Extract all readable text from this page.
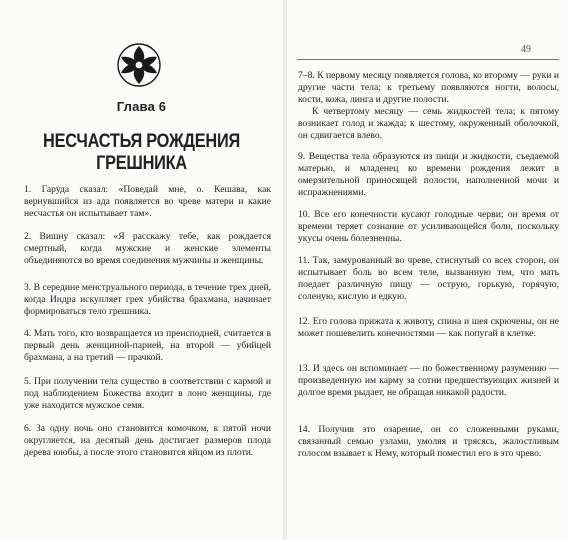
Глава 6
НЕСЧАСТЬЯ РОЖДЕНИЯ ГРЕШНИКА
49
1. Гаруда сказал: «Поведай мне, о. Кешава, как вернувшийся из ада появляется во чреве матери и какие несчастья он испытывает там».
2. Вишну сказал: «Я расскажу тебе, как рождается смертный, когда мужские и женские элементы объединяются во время соединения мужчины и женщины.
3. В середине менструального периода, в течение трех дней, когда Индра искупляет грех убийства брахмана, начинает формироваться тело грешника.
4. Мать того, кто возвращается из преисподней, считается в первый день женщиной-парией, на второй — убийцей брахмана, а на третий — прачкой.
5. При получении тела существо в соответствии с кармой и под наблюдением Божества входит в лоно женщины, где уже находится мужское семя.
6. За одну ночь оно становится комочком, к пятой ночи округляется, на десятый день достигает размеров плода дерева ююбы, а после этого становится яйцом из плоти.
7–8. К первому месяцу появляется голова, ко второму — руки и другие части тела; к третьему появляются ногти, волосы, кости, кожа, линга и другие полости.
К четвертому месяцу — семь жидкостей тела; к пятому возникает голод и жажда; к шестому, окруженный оболочкой, он сдвигается влево.
9. Вещества тела образуются из пищи и жидкости, съедаемой матерью, и младенец ко времени рождения лежит в омерзительной приносящей полости, наполненной мочи и испражнениями.
10. Все его конечности кусают голодные черви; он время от времени теряет сознание от усиливающейся боли, поскольку укусы очень болезненны.
11. Так, замурованный во чреве, стиснутый со всех сторон, он испытывает боль во всем теле, вызванную тем, что мать поедает различную пищу — острую, горькую, горячую, соленую, кислую и едкую.
12. Его голова прижата к животу, спина и шея скрючены, он не может пошевелить конечностями — как попугай в клетке.
13. И здесь он вспоминает — по божественному разумению — произведенную им карму за сотни предшествующих жизней и долгое время рыдает, не обращая никакой радости.
14. Получив это озарение, он со сложенными руками, связанный семью узлами, умоляя и трясясь, жалостливым голосом взывает к Нему, который поместил его в это чрево.
